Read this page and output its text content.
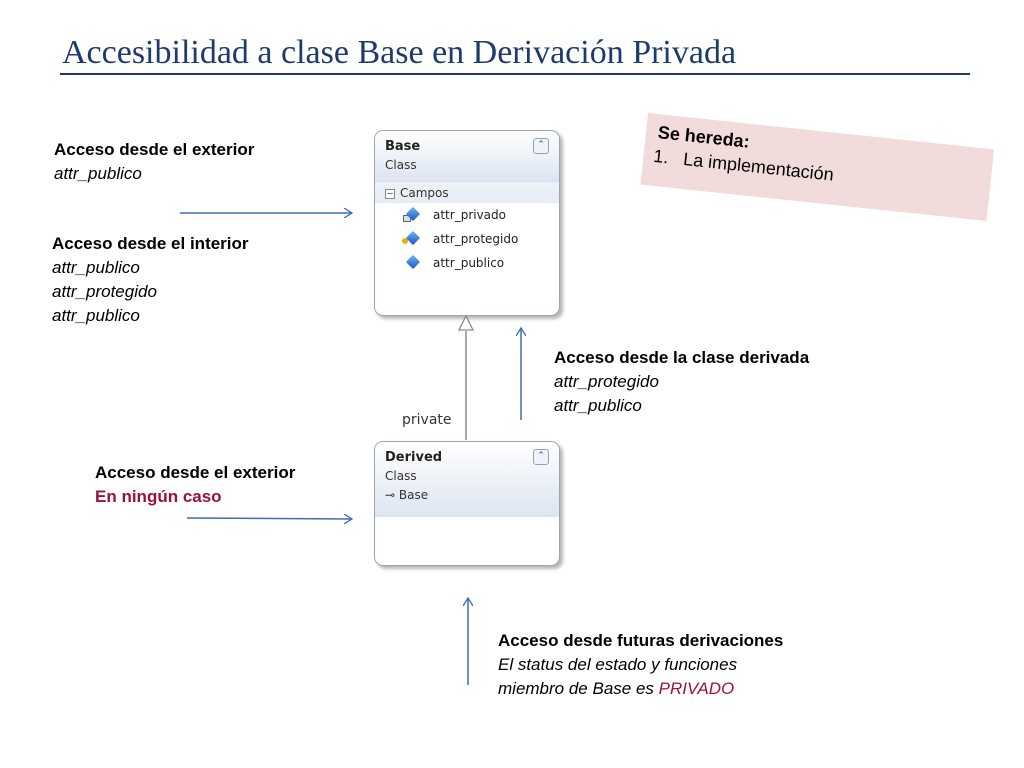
Accesibilidad a clase Base en Derivación Privada
Se hereda:
1. La implementación
Acceso desde el exterior
attr_publico
Acceso desde el interior
attr_publico
attr_protegido
attr_publico
Acceso desde la clase derivada
attr_protegido
attr_publico
Acceso desde el exterior
En ningún caso
Acceso desde futuras derivaciones
El status del estado y funciones
miembro de Base es PRIVADO
Base
Class
⌃
− Campos
attr_privado
attr_protegido
attr_publico
Derived
Class
⊸ Base
⌃
private
